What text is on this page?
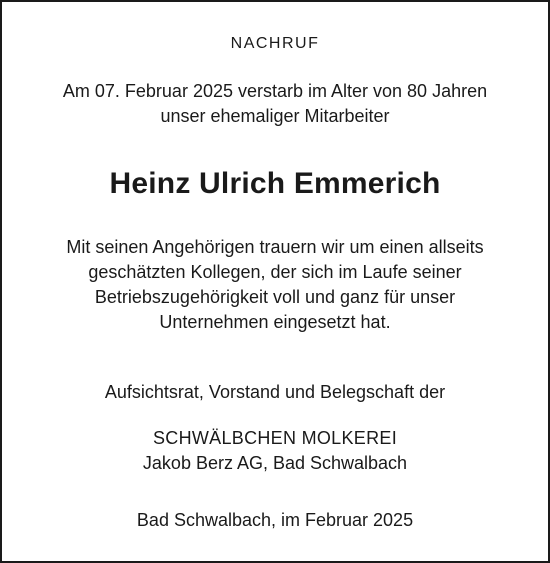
NACHRUF
Am 07. Februar 2025 verstarb im Alter von 80 Jahren
unser ehemaliger Mitarbeiter
Heinz Ulrich Emmerich
Mit seinen Angehörigen trauern wir um einen allseits
geschätzten Kollegen, der sich im Laufe seiner
Betriebszugehörigkeit voll und ganz für unser
Unternehmen eingesetzt hat.
Aufsichtsrat, Vorstand und Belegschaft der
SCHWÄLBCHEN MOLKEREI
Jakob Berz AG, Bad Schwalbach
Bad Schwalbach, im Februar 2025
